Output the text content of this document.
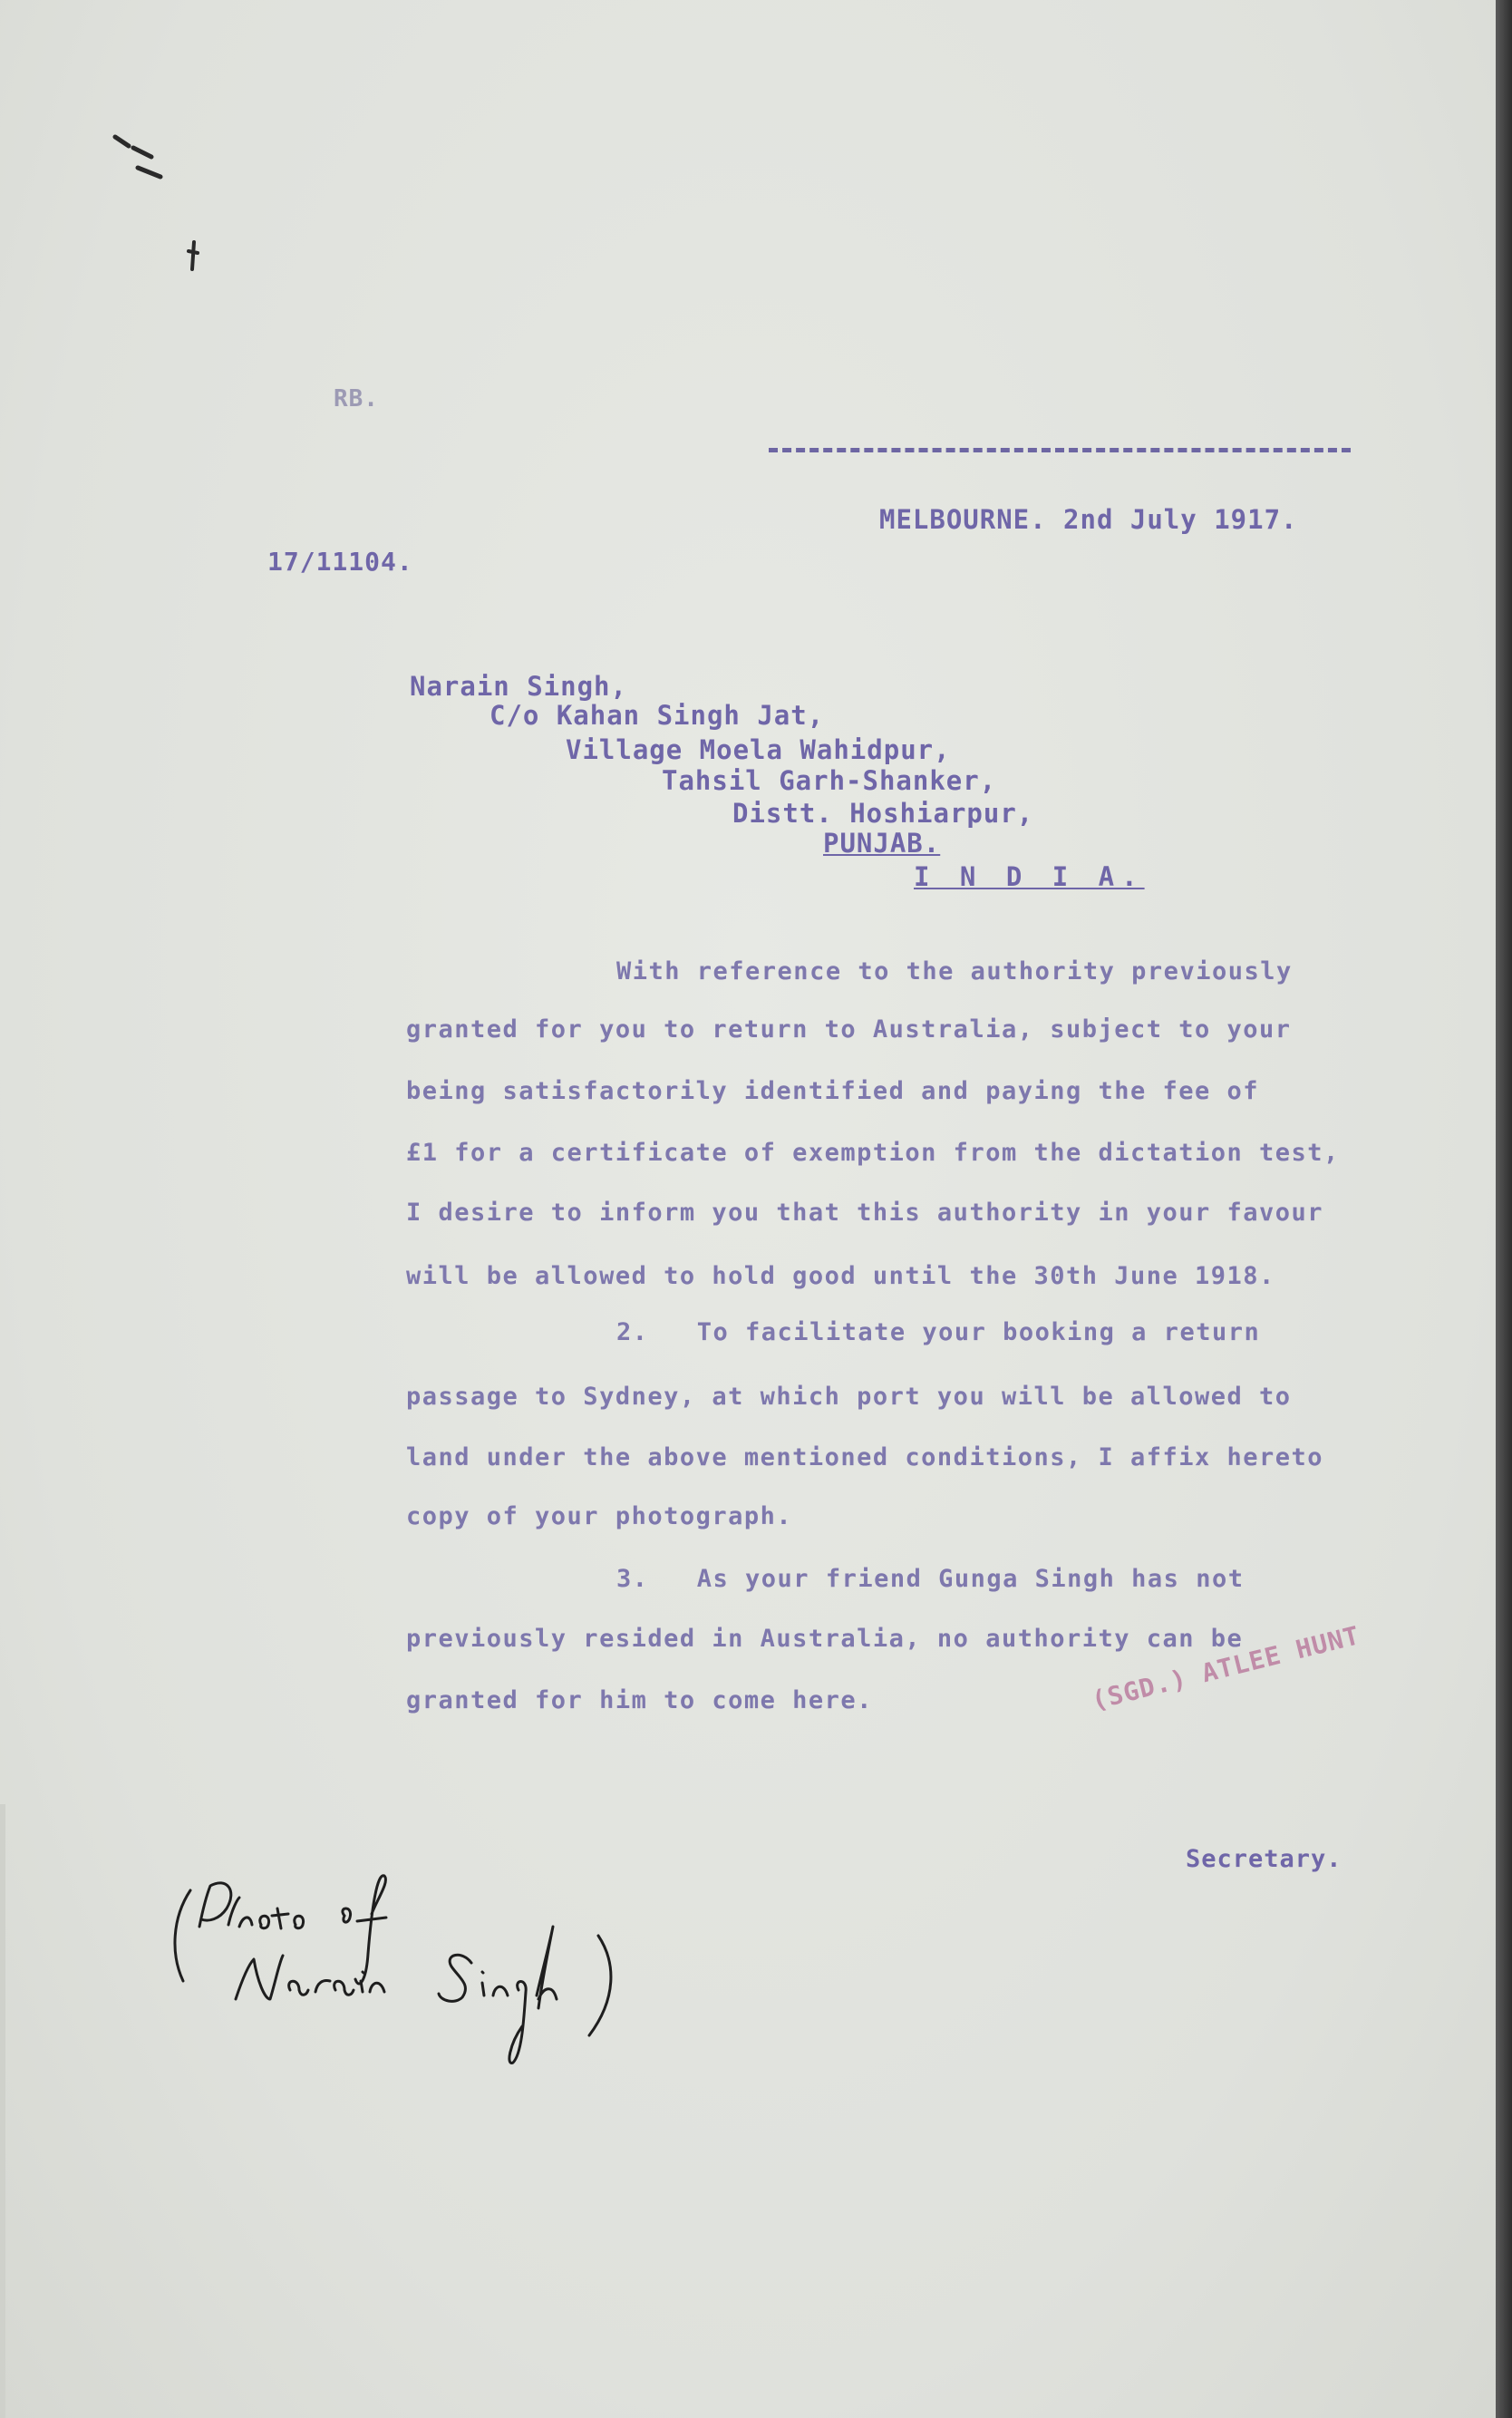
RB.
MELBOURNE. 2nd July 1917.
17/11104.
Narain Singh,
C/o Kahan Singh Jat,
Village Moela Wahidpur,
Tahsil Garh-Shanker,
Distt. Hoshiarpur,
PUNJAB.
I N D I A.
With reference to the authority previously
granted for you to return to Australia, subject to your
being satisfactorily identified and paying the fee of
£1 for a certificate of exemption from the dictation test,
I desire to inform you that this authority in your favour
will be allowed to hold good until the 30th June 1918.
2.   To facilitate your booking a return
passage to Sydney, at which port you will be allowed to
land under the above mentioned conditions, I affix hereto
copy of your photograph.
3.   As your friend Gunga Singh has not
previously resided in Australia, no authority can be
granted for him to come here.	(SGD.) ATLEE HUNT
Secretary.
